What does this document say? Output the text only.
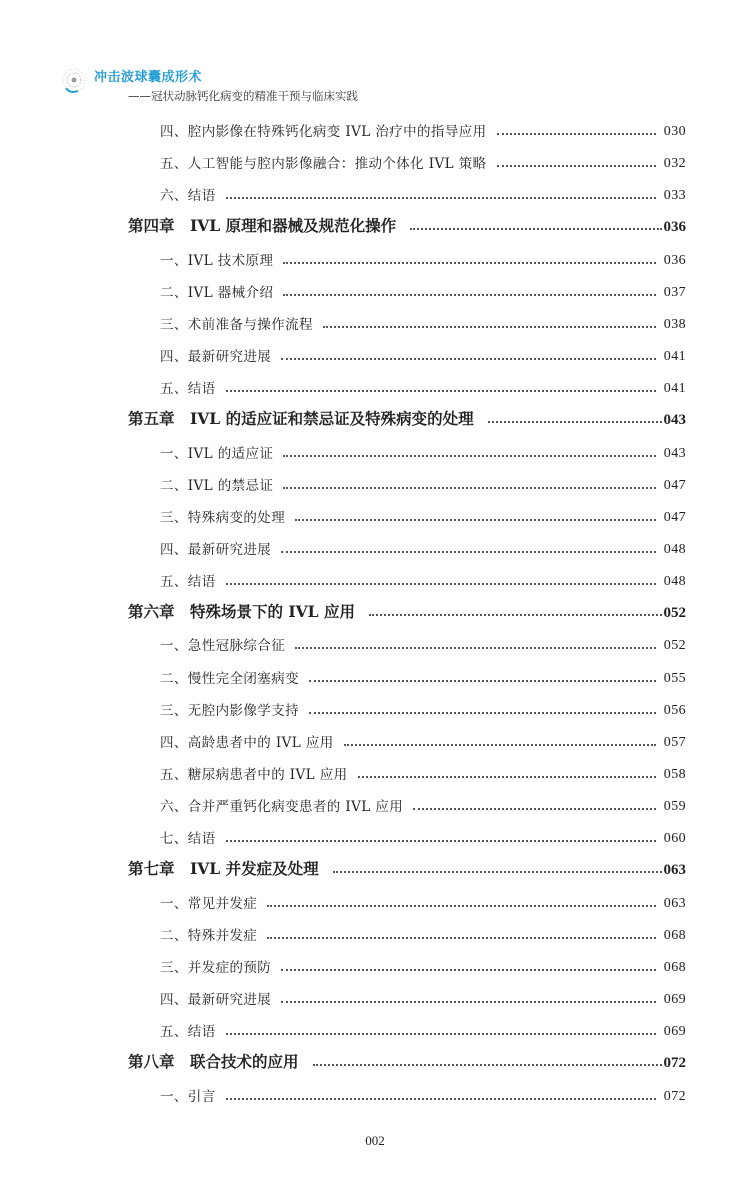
冲击波球囊成形术
——冠状动脉钙化病变的精准干预与临床实践
四、腔内影像在特殊钙化病变 IVL 治疗中的指导应用	030
五、人工智能与腔内影像融合：推动个体化 IVL 策略	032
六、结语	033
第四章　IVL 原理和器械及规范化操作	036
一、IVL 技术原理	036
二、IVL 器械介绍	037
三、术前准备与操作流程	038
四、最新研究进展	041
五、结语	041
第五章　IVL 的适应证和禁忌证及特殊病变的处理	043
一、IVL 的适应证	043
二、IVL 的禁忌证	047
三、特殊病变的处理	047
四、最新研究进展	048
五、结语	048
第六章　特殊场景下的 IVL 应用	052
一、急性冠脉综合征	052
二、慢性完全闭塞病变	055
三、无腔内影像学支持	056
四、高龄患者中的 IVL 应用	057
五、糖尿病患者中的 IVL 应用	058
六、合并严重钙化病变患者的 IVL 应用	059
七、结语	060
第七章　IVL 并发症及处理	063
一、常见并发症	063
二、特殊并发症	068
三、并发症的预防	068
四、最新研究进展	069
五、结语	069
第八章　联合技术的应用	072
一、引言	072
002
